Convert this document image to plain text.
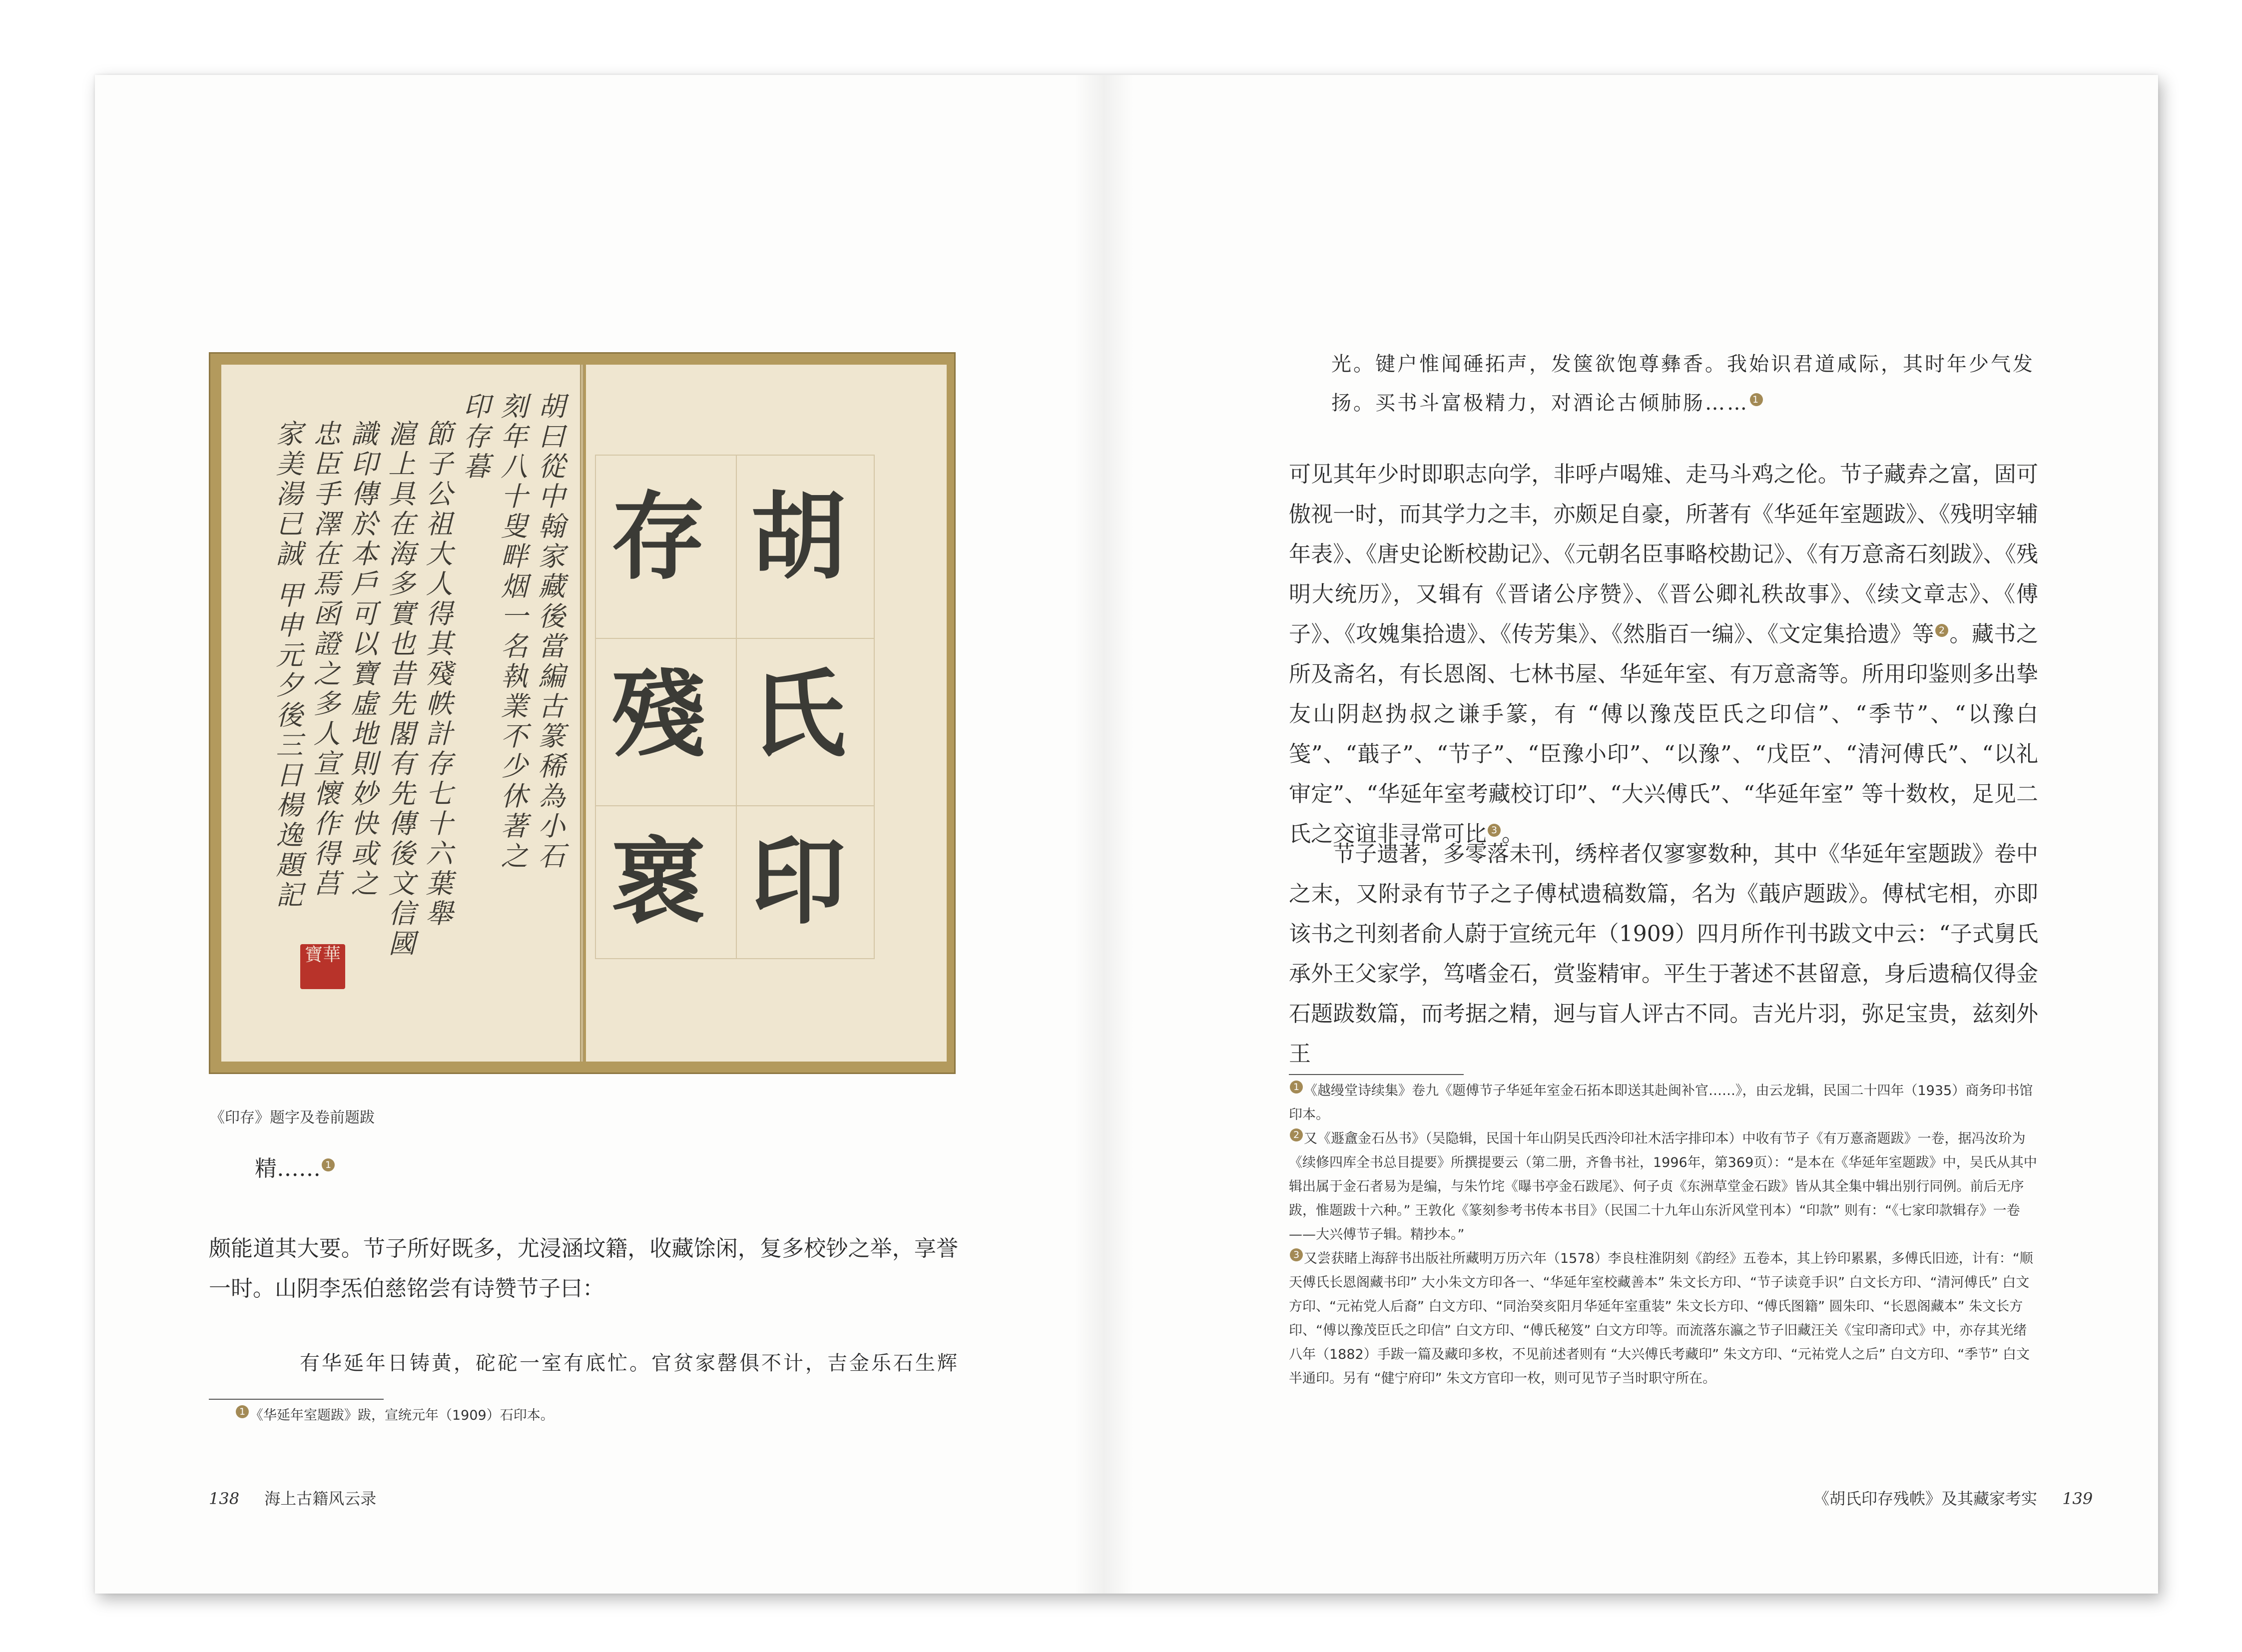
胡曰從中翰家藏後當編古篆稀為小石
刻年八十叟畔烟一名執業不少休著之
印存暮
節子公祖大人得其殘帙計存七十六葉舉
滬上具在海多實也昔先閣有先傳後文信國
識印傳於本戶可以寶虛地則妙快或之
忠臣手澤在焉函證之多人宣懷作得莒
家美湯已誠 甲申元夕後三日楊逸題記
寶華
胡
氏
印
存
殘
褱
《印存》题字及卷前题跋
精…… 1
颇能道其大要。节子所好既多，尤浸涵坟籍，收藏馀闲，复多校钞之举，享誉一时。山阴李炁伯慈铭尝有诗赞节子曰：
有华延年日铸黄，砣砣一室有底忙。官贫家罄俱不计，吉金乐石生辉
1 《华延年室题跋》跋，宣统元年（1909）石印本。
138 海上古籍风云录
光。键户惟闻硾拓声，发箧欲饱尊彝香。我始识君道咸际，其时年少气发
扬。买书斗富极精力，对酒论古倾肺肠…… 1
可见其年少时即职志向学，非呼卢喝雉、走马斗鸡之伦。节子藏弆之富，固可傲视一时，而其学力之丰，亦颇足自豪，所著有《华延年室题跋》、《残明宰辅年表》、《唐史论断校勘记》、《元朝名臣事略校勘记》、《有万意斋石刻跋》、《残明大统历》，又辑有《晋诸公序赞》、《晋公卿礼秩故事》、《续文章志》、《傅子》、《攻媿集拾遗》、《传芳集》、《然脂百一编》、《文定集拾遗》等 2 。藏书之所及斋名，有长恩阁、七林书屋、华延年室、有万意斋等。所用印鉴则多出挚友山阴赵㧑叔之谦手篆，有 “傅以豫茂臣氏之印信”、“季节”、“以豫白笺”、“蕺子”、“节子”、“臣豫小印”、“以豫”、“戊臣”、“清河傅氏”、“以礼审定”、“华延年室考藏校订印”、“大兴傅氏”、“华延年室” 等十数枚，足见二氏之交谊非寻常可比 3 。
节子遗著，多零落未刊，绣梓者仅寥寥数种，其中《华延年室题跋》卷中之末，又附录有节子之子傅栻遗稿数篇，名为《蕺庐题跋》。傅栻宅相，亦即该书之刊刻者俞人蔚于宣统元年（1909）四月所作刊书跋文中云：“子式舅氏承外王父家学，笃嗜金石，赏鉴精审。平生于著述不甚留意，身后遗稿仅得金石题跋数篇，而考据之精，迥与盲人评古不同。吉光片羽，弥足宝贵，兹刻外王
1 《越缦堂诗续集》卷九《题傅节子华延年室金石拓本即送其赴闽补官……》，由云龙辑，民国二十四年（1935）商务印书馆印本。
2 又《遯盦金石丛书》（吴隐辑，民国十年山阴吴氏西泠印社木活字排印本）中收有节子《有万憙斋题跋》一卷，据冯汝玠为《续修四库全书总目提要》所撰提要云（第二册，齐鲁书社，1996年，第369页）：“是本在《华延年室题跋》中，吴氏从其中辑出属于金石者易为是编，与朱竹垞《曝书亭金石跋尾》、何子贞《东洲草堂金石跋》皆从其全集中辑出别行同例。前后无序跋，惟题跋十六种。” 王敦化《篆刻参考书传本书目》（民国二十九年山东沂风堂刊本）“印款” 则有：“《七家印款辑存》一卷——大兴傅节子辑。精抄本。”
3 又尝获睹上海辞书出版社所藏明万历六年（1578）李良柱淮阴刻《韵经》五卷本，其上钤印累累，多傅氏旧迹，计有：“顺天傅氏长恩阁藏书印” 大小朱文方印各一、“华延年室校藏善本” 朱文长方印、“节子读竟手识” 白文长方印、“清河傅氏” 白文方印、“元祐党人后裔” 白文方印、“同治癸亥阳月华延年室重装” 朱文长方印、“傅氏图籍” 圆朱印、“长恩阁藏本” 朱文长方印、“傅以豫茂臣氏之印信” 白文方印、“傅氏秘笈” 白文方印等。而流落东瀛之节子旧藏汪关《宝印斋印式》中，亦存其光绪八年（1882）手跋一篇及藏印多枚，不见前述者则有 “大兴傅氏考藏印” 朱文方印、“元祐党人之后” 白文方印、“季节” 白文半通印。另有 “健宁府印” 朱文方官印一枚，则可见节子当时职守所在。
《胡氏印存残帙》及其藏家考实 139
